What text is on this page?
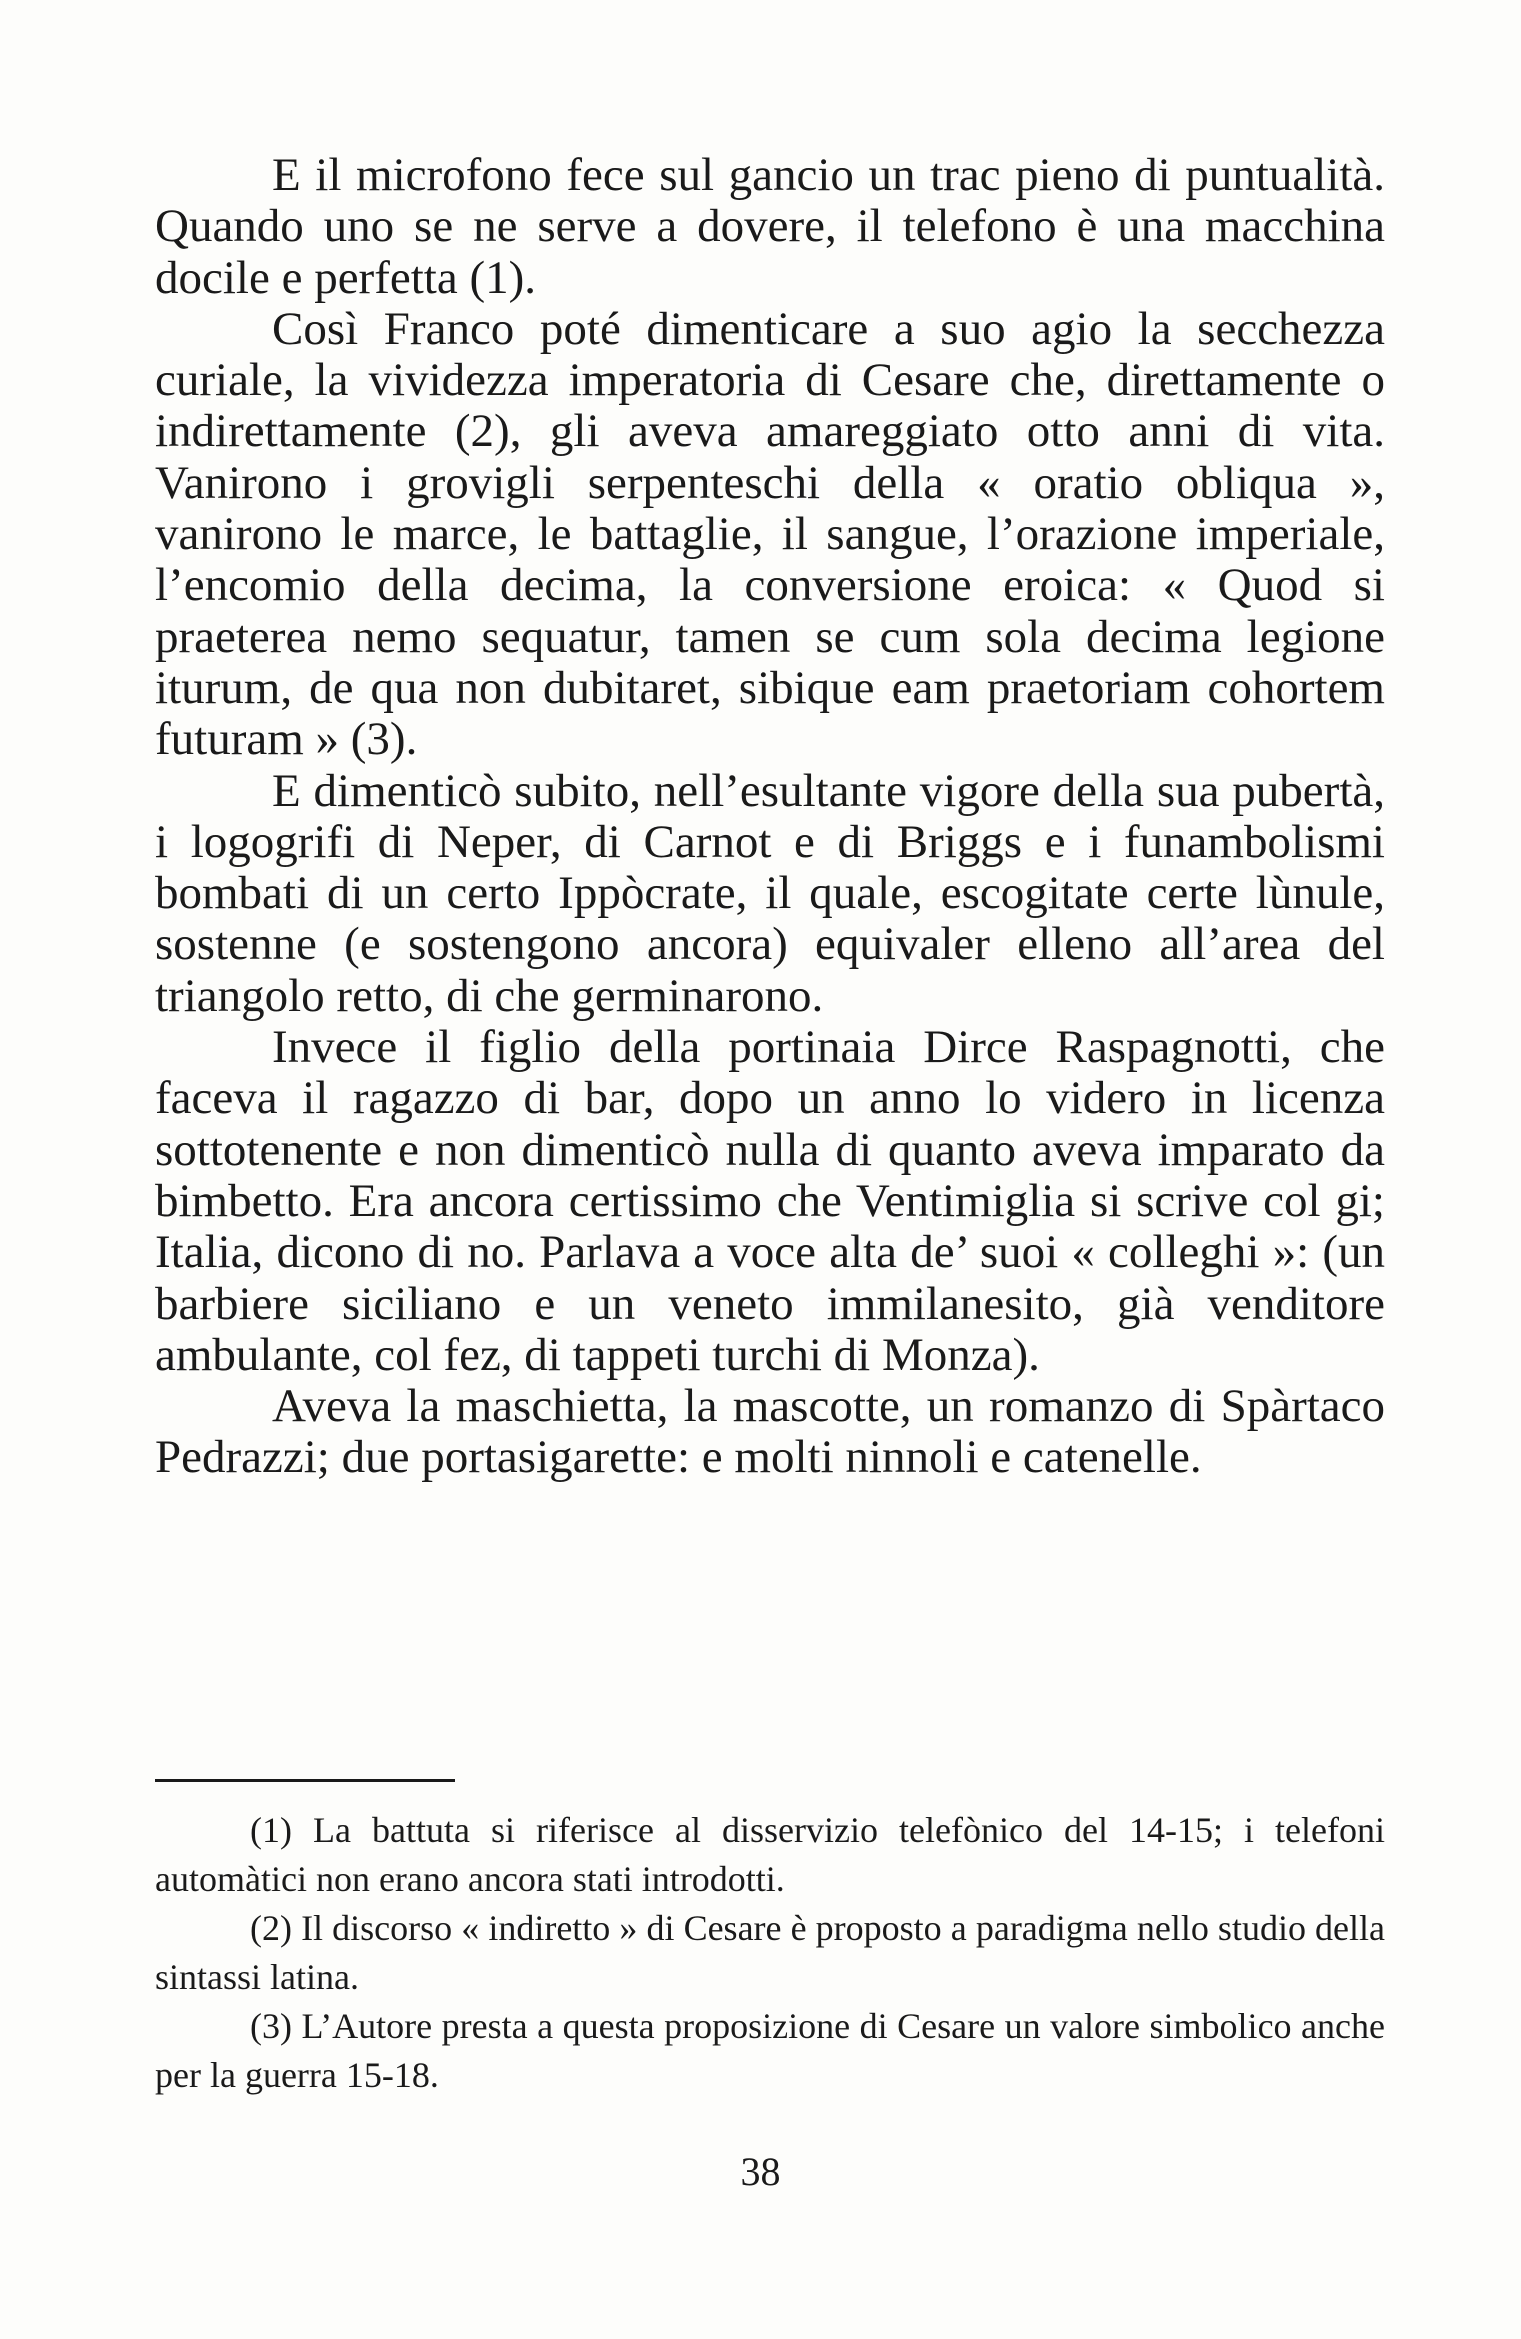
E il microfono fece sul gancio un trac pieno di puntualità. Quando uno se ne serve a dovere, il telefono è una macchina docile e perfetta (1).

Così Franco poté dimenticare a suo agio la secchezza curiale, la vividezza imperatoria di Cesare che, direttamente o indirettamente (2), gli aveva amareggiato otto anni di vita. Vanirono i grovigli serpenteschi della « oratio obliqua », vanirono le marce, le battaglie, il sangue, l’orazione imperiale, l’encomio della decima, la conversione eroica: « Quod si praeterea nemo sequatur, tamen se cum sola decima legione iturum, de qua non dubitaret, sibique eam praetoriam cohortem futuram » (3).

E dimenticò subito, nell’esultante vigore della sua pubertà, i logogrifi di Neper, di Carnot e di Briggs e i funambolismi bombati di un certo Ippòcrate, il quale, escogitate certe lùnule, sostenne (e sostengono ancora) equivaler elleno all’area del triangolo retto, di che germinarono.

Invece il figlio della portinaia Dirce Raspagnotti, che faceva il ragazzo di bar, dopo un anno lo videro in licenza sottotenente e non dimenticò nulla di quanto aveva imparato da bimbetto. Era ancora certissimo che Ventimiglia si scrive col gi; Italia, dicono di no. Parlava a voce alta de’ suoi « colleghi »: (un barbiere siciliano e un veneto immilanesito, già venditore ambulante, col fez, di tappeti turchi di Monza).

Aveva la maschietta, la mascotte, un romanzo di Spàrtaco Pedrazzi; due portasigarette: e molti ninnoli e catenelle.

(1) La battuta si riferisce al disservizio telefònico del 14-15; i telefoni automàtici non erano ancora stati introdotti.

(2) Il discorso « indiretto » di Cesare è proposto a paradigma nello studio della sintassi latina.

(3) L’Autore presta a questa proposizione di Cesare un valore simbolico anche per la guerra 15-18.

38
